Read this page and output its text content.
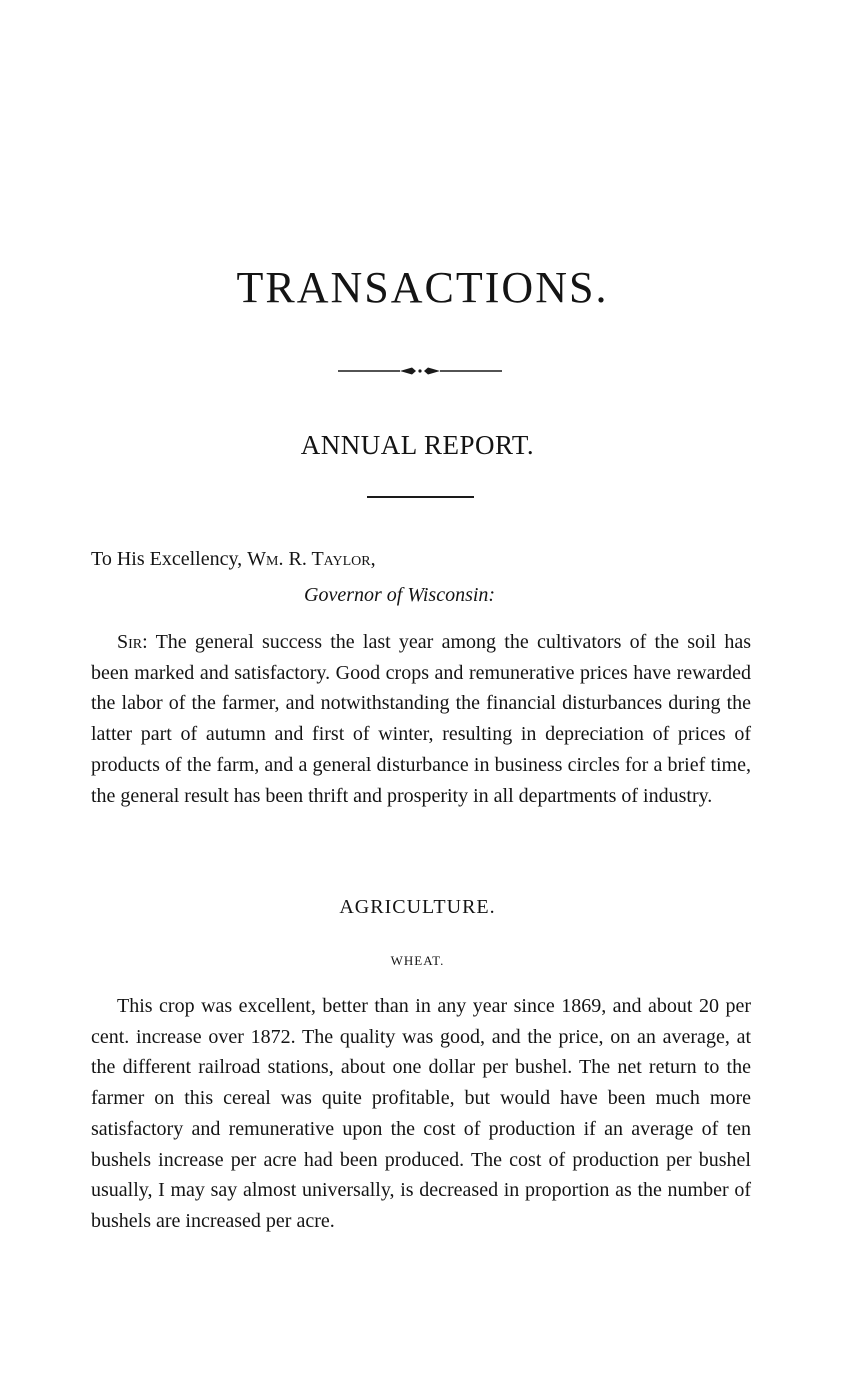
TRANSACTIONS.
ANNUAL REPORT.
To His Excellency, Wm. R. Taylor,
Governor of Wisconsin:

Sir: The general success the last year among the cultivators of the soil has been marked and satisfactory. Good crops and remunerative prices have rewarded the labor of the farmer, and notwithstanding the financial disturbances during the latter part of autumn and first of winter, resulting in depreciation of prices of products of the farm, and a general disturbance in business circles for a brief time, the general result has been thrift and prosperity in all departments of industry.

AGRICULTURE.
WHEAT.

This crop was excellent, better than in any year since 1869, and about 20 per cent. increase over 1872. The quality was good, and the price, on an average, at the different railroad stations, about one dollar per bushel. The net return to the farmer on this cereal was quite profitable, but would have been much more satisfactory and remunerative upon the cost of production if an average of ten bushels increase per acre had been produced. The cost of production per bushel usually, I may say almost universally, is decreased in proportion as the number of bushels are increased per acre.
